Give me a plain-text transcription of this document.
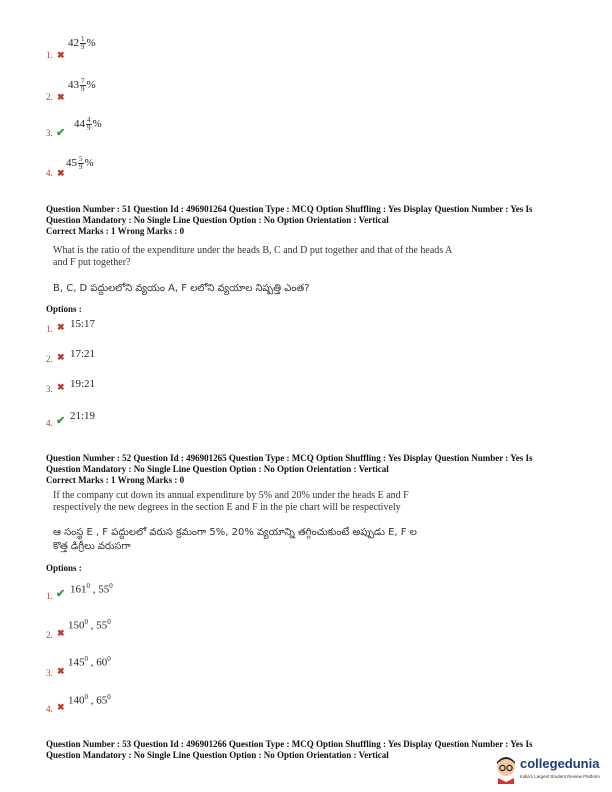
1. ✖
$42 \frac{1}{9}$ %
2. ✖
$43 \frac{7}{9}$ %
3. ✔
$44 \frac{4}{9}$ %
4. ✖
$45 \frac{5}{9}$ %
Question Number : 51 Question Id : 496901264 Question Type : MCQ Option Shuffling : Yes Display Question Number : Yes Is
Question Mandatory : No Single Line Question Option : No Option Orientation : Vertical
Correct Marks : 1 Wrong Marks : 0
What is the ratio of the expenditure under the heads B, C and D put together and that of the heads A and F put together?
B, C, D పద్దులలోని వ్యయం A, F లలోని వ్యయాల నిష్పత్తి ఎంత?
Options :
1. ✖ 15:17
2. ✖ 17:21
3. ✖ 19:21
4. ✔ 21:19
Question Number : 52 Question Id : 496901265 Question Type : MCQ Option Shuffling : Yes Display Question Number : Yes Is
Question Mandatory : No Single Line Question Option : No Option Orientation : Vertical
Correct Marks : 1 Wrong Marks : 0
If the company cut down its annual expenditure by 5% and 20% under the heads E and F respectively the new degrees in the section E and F in the pie chart will be respectively
ఆ సంస్థ E , F పద్దులలో వరుస క్రమంగా 5%, 20% వ్యయాన్ని తగ్గించుకుంటే అప్పుడు E, F ల కొత్త డిగ్రీలు వరుసగా
Options :
1. ✔ $161^0$ , $55^0$
2. ✖
$150^0$ , $55^0$
3. ✖
$145^0$ , $60^0$
4. ✖
$140^0$ , $65^0$
Question Number : 53 Question Id : 496901266 Question Type : MCQ Option Shuffling : Yes Display Question Number : Yes Is
Question Mandatory : No Single Line Question Option : No Option Orientation : Vertical
collegedunia
India's Largest Student Review Platform
